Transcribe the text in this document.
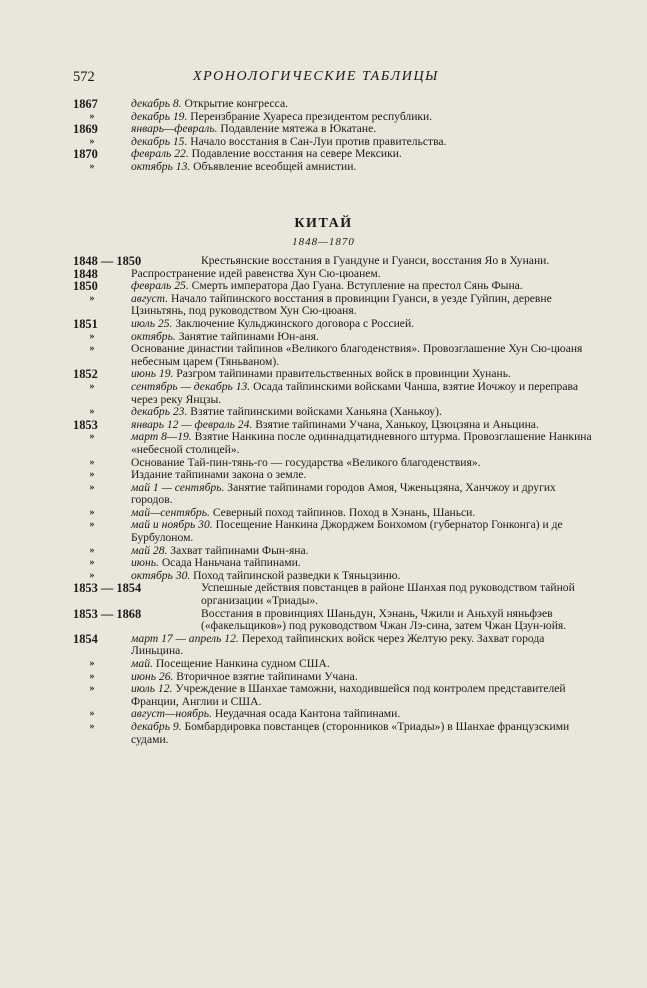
572	ХРОНОЛОГИЧЕСКИЕ ТАБЛИЦЫ
1867	декабрь 8. Открытие конгресса.
»	декабрь 19. Переизбрание Хуареса президентом республики.
1869	январь—февраль. Подавление мятежа в Юкатане.
»	декабрь 15. Начало восстания в Сан-Луи против правительства.
1870	февраль 22. Подавление восстания на севере Мексики.
»	октябрь 13. Объявление всеобщей амнистии.
КИТАЙ
1848—1870
1848 — 1850	Крестьянские восстания в Гуандуне и Гуанси, восстания Яо в Хунани.
1848	Распространение идей равенства Хун Сю-цюанем.
1850	февраль 25. Смерть императора Дао Гуана. Вступление на престол Сянь Фына.
»	август. Начало тайпинского восстания в провинции Гуанси, в уезде Гуйпин, деревне Цзиньтянь, под руководством Хун Сю-цюаня.
1851	июль 25. Заключение Кульджинского договора с Россией.
»	октябрь. Занятие тайпинами Юн-аня.
»	Основание династии тайпинов «Великого благоденствия». Провозглашение Хун Сю-цюаня небесным царем (Тяньваном).
1852	июнь 19. Разгром тайпинами правительственных войск в провинции Хунань.
»	сентябрь — декабрь 13. Осада тайпинскими войсками Чанша, взятие Иочжоу и переправа через реку Янцзы.
»	декабрь 23. Взятие тайпинскими войсками Ханьяна (Ханькоу).
1853	январь 12 — февраль 24. Взятие тайпинами Учана, Ханькоу, Цзюцзяна и Аньцина.
»	март 8—19. Взятие Нанкина после одиннадцатидневного штурма. Провозглашение Нанкина «небесной столицей».
»	Основание Тай-пин-тянь-го — государства «Великого благоденствия».
»	Издание тайпинами закона о земле.
»	май 1 — сентябрь. Занятие тайпинами городов Амоя, Чженьцзяна, Ханчжоу и других городов.
»	май—сентябрь. Северный поход тайпинов. Поход в Хэнань, Шаньси.
»	май и ноябрь 30. Посещение Нанкина Джорджем Бонхомом (губернатор Гонконга) и де Бурбулоном.
»	май 28. Захват тайпинами Фын-яна.
»	июнь. Осада Наньчана тайпинами.
»	октябрь 30. Поход тайпинской разведки к Тяньцзиню.
1853 — 1854	Успешные действия повстанцев в районе Шанхая под руководством тайной организации «Триады».
1853 — 1868	Восстания в провинциях Шаньдун, Хэнань, Чжили и Аньхуй няньфэев («факельщиков») под руководством Чжан Лэ-сина, затем Чжан Цзун-юйя.
1854	март 17 — апрель 12. Переход тайпинских войск через Желтую реку. Захват города Линьцина.
»	май. Посещение Нанкина судном США.
»	июнь 26. Вторичное взятие тайпинами Учана.
»	июль 12. Учреждение в Шанхае таможни, находившейся под контролем представителей Франции, Англии и США.
»	август—ноябрь. Неудачная осада Кантона тайпинами.
»	декабрь 9. Бомбардировка повстанцев (сторонников «Триады») в Шанхае французскими судами.
